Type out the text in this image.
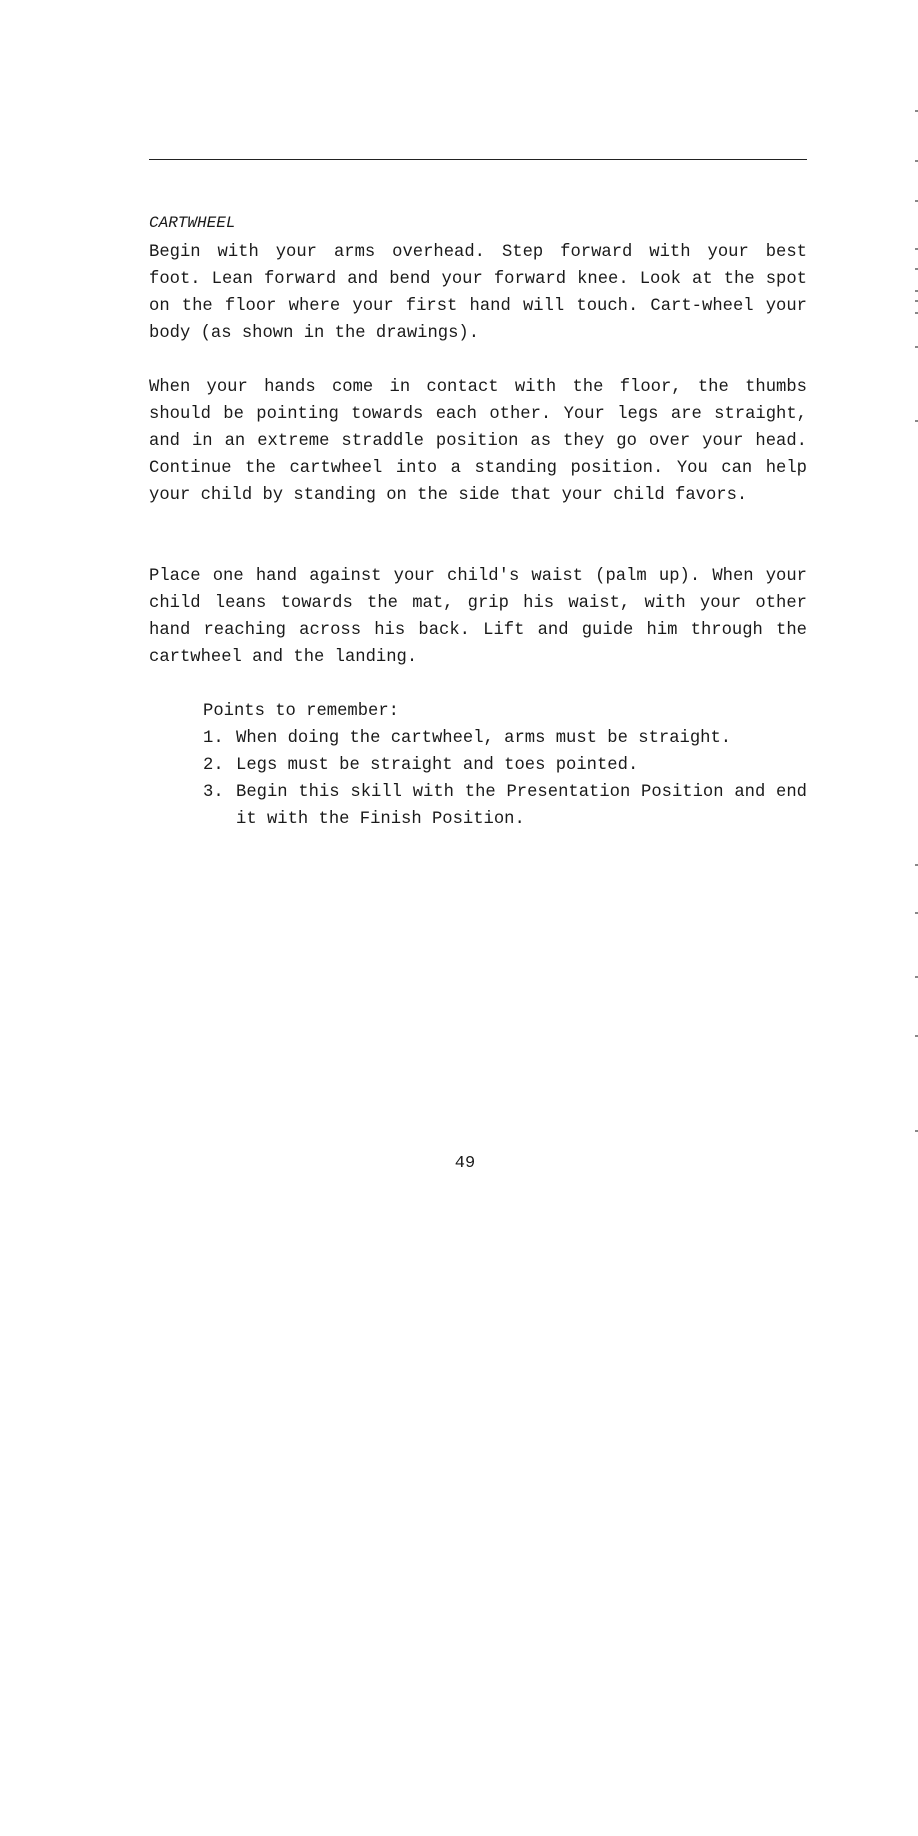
CARTWHEEL

Begin with your arms overhead. Step forward with your best foot. Lean forward and bend your forward knee. Look at the spot on the floor where your first hand will touch. Cart-wheel your body (as shown in the drawings).

When your hands come in contact with the floor, the thumbs should be pointing towards each other. Your legs are straight, and in an extreme straddle position as they go over your head. Continue the cartwheel into a standing position. You can help your child by standing on the side that your child favors.

Place one hand against your child's waist (palm up). When your child leans towards the mat, grip his waist, with your other hand reaching across his back. Lift and guide him through the cartwheel and the landing.

Points to remember:
1. When doing the cartwheel, arms must be straight.
2. Legs must be straight and toes pointed.
3. Begin this skill with the Presentation Position and end it with the Finish Position.
49
